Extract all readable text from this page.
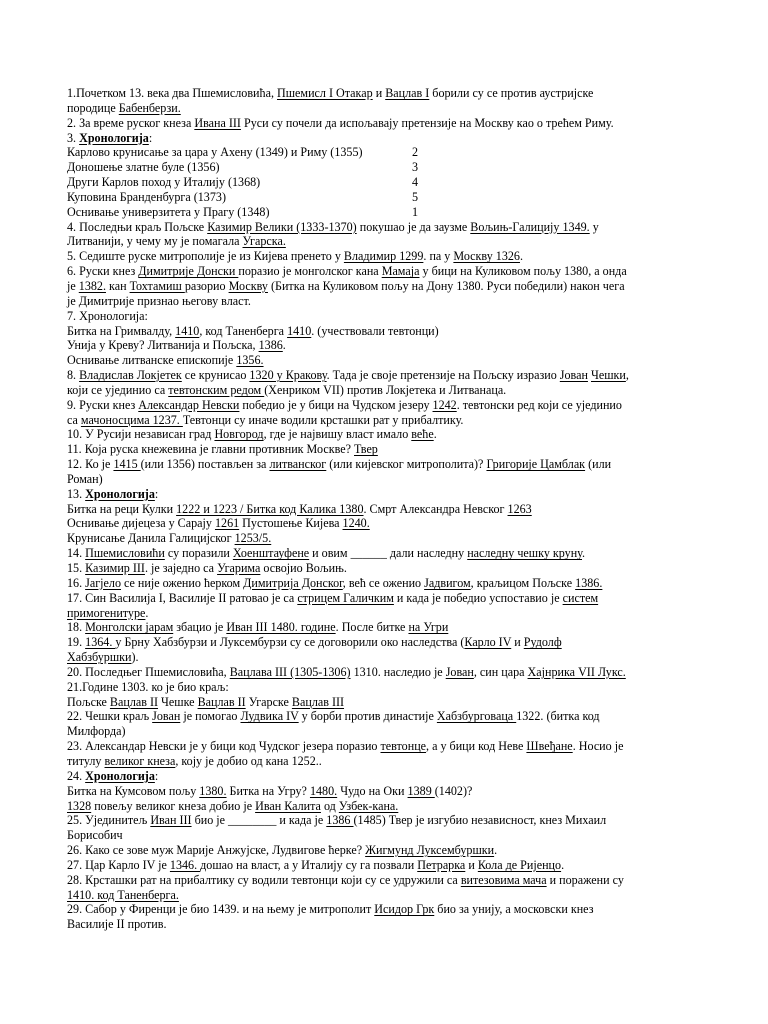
1.Почетком 13. века два Пшемисловића, Пшемисл I Отакар и Вацлав I борили су се против аустријске
породице Бабенберзи.
2. За време руског кнеза Ивана III Руси су почели да испољавају претензије на Москву као о трећем Риму.
3. Хронологија:
Карлово крунисање за цара у Ахену (1349) и Риму (1355)	2
Доношење златне буле (1356)	3
Други Карлов поход у Италију (1368)	4
Куповина Бранденбурга (1373)	5
Оснивање универзитета у Прагу (1348)	1
4. Последњи краљ Пољске Казимир Велики (1333-1370) покушао је да заузме Вољињ-Галицију 1349. у
Литванији, у чему му је помагала Угарска.
5. Седиште руске митрополије је из Кијева пренето у Владимир 1299. па у Москву 1326.
6. Руски кнез Димитрије Донски поразио је монголског кана Мамаја у бици на Куликовом пољу 1380, а онда
је 1382. кан Тохтамиш разорио Москву (Битка на Куликовом пољу на Дону 1380. Руси победили) након чега
је Димитрије признао његову власт.
7. Хронологија:
Битка на Гримвалду, 1410, код Таненберга 1410. (учествовали тевтонци)
Унија у Креву? Литванија и Пољска, 1386.
Оснивање литванске епископије 1356.
8. Владислав Локјетек се крунисао 1320 у Кракову. Тада је своје претензије на Пољску изразио Јован Чешки,
који се ујединио са тевтонским редом (Хенриком VII) против Локјетека и Литванаца.
9. Руски кнез Александар Невски победио је у бици на Чудском језеру 1242. тевтонски ред који се ујединио
са мачоносцима 1237. Тевтонци су иначе водили крсташки рат у прибалтику.
10. У Русији независан град Новгород, где је највишу власт имало веће.
11. Која руска кнежевина је главни противник Москве? Твер
12. Ко је 1415 (или 1356) постављен за литванског (или кијевског митрополита)? Григорије Цамблак (или
Роман)
13. Хронологија:
Битка на реци Кулки 1222 и 1223 / Битка код Калика 1380. Смрт Александра Невског 1263
Оснивање дијецеза у Сарају 1261 Пустошење Кијева 1240.
Крунисање Данила Галицијског 1253/5.
14. Пшемисловићи су поразили Хоенштауфене и овим ______ дали наследну наследну чешку круну.
15. Казимир III. је заједно са Угарима освојио Вољињ.
16. Јагјело се није оженио ћерком Димитрија Донског, већ се оженио Јадвигом, краљицом Пољске 1386.
17. Син Василија I, Василије II ратовао је са стрицем Галичким и када је победио успоставио је систем
примогенитуре.
18. Монголски јарам збацио је Иван III 1480. године. После битке на Угри
19. 1364. у Брну Хабзбурзи и Луксембурзи су се договорили око наследства (Карло IV и Рудолф
Хабзбуршки).
20. Последњег Пшемисловића, Вацлава III (1305-1306) 1310. наследио је Јован, син цара Хајнрика VII Лукс.
21.Године 1303. ко је био краљ:
Пољске Вацлав II Чешке Вацлав II Угарске Вацлав III
22. Чешки краљ Јован је помогао Лудвика IV у борби против династије Хабзбурговаца 1322. (битка код
Милфорда)
23. Александар Невски је у бици код Чудског језера поразио тевтонце, а у бици код Неве Швеђане. Носио је
титулу великог кнеза, коју је добио од кана 1252..
24. Хронологија:
Битка на Кумсовом пољу 1380. Битка на Угру? 1480. Чудо на Оки 1389 (1402)?
1328 повељу великог кнеза добио је Иван Калита од Узбек-кана.
25. Ујединитељ Иван III био је ________ и када је 1386 (1485) Твер је изгубио независност, кнез Михаил
Борисобич
26. Како се зове муж Марије Анжујске, Лудвигове ћерке? Жигмунд Луксембуршки.
27. Цар Карло IV је 1346. дошао на власт, а у Италију су га позвали Петрарка и Кола де Ријенцо.
28. Крсташки рат на прибалтику су водили тевтонци који су се удружили са витезовима мача и поражени су
1410. код Таненберга.
29. Сабор у Фиренци је био 1439. и на њему је митрополит Исидор Грк био за унију, а московски кнез
Василије II против.
